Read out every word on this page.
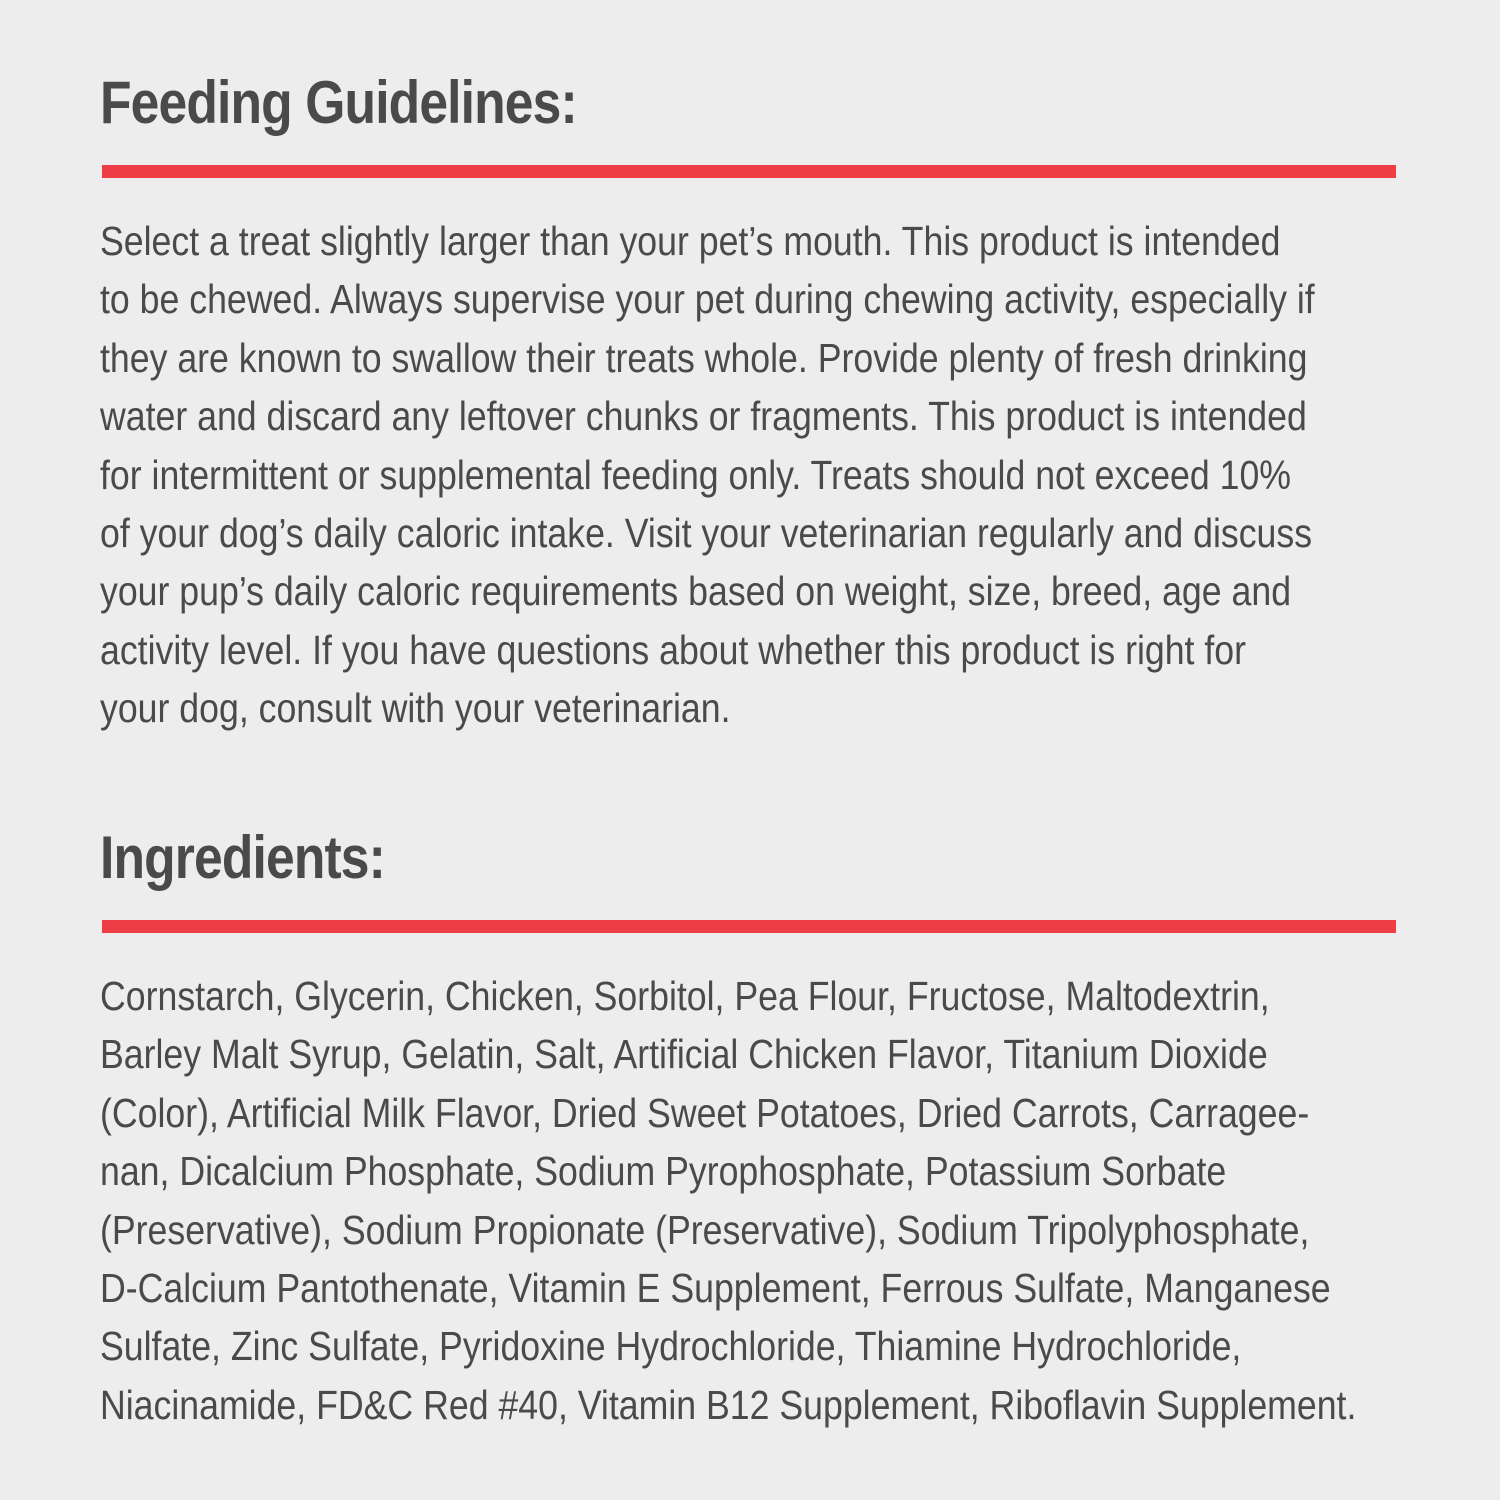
Feeding Guidelines:
Select a treat slightly larger than your pet’s mouth. This product is intended
to be chewed. Always supervise your pet during chewing activity, especially if
they are known to swallow their treats whole. Provide plenty of fresh drinking
water and discard any leftover chunks or fragments. This product is intended
for intermittent or supplemental feeding only. Treats should not exceed 10%
of your dog’s daily caloric intake. Visit your veterinarian regularly and discuss
your pup’s daily caloric requirements based on weight, size, breed, age and
activity level. If you have questions about whether this product is right for
your dog, consult with your veterinarian.
Ingredients:
Cornstarch, Glycerin, Chicken, Sorbitol, Pea Flour, Fructose, Maltodextrin,
Barley Malt Syrup, Gelatin, Salt, Artificial Chicken Flavor, Titanium Dioxide
(Color), Artificial Milk Flavor, Dried Sweet Potatoes, Dried Carrots, Carragee-
nan, Dicalcium Phosphate, Sodium Pyrophosphate, Potassium Sorbate
(Preservative), Sodium Propionate (Preservative), Sodium Tripolyphosphate,
D-Calcium Pantothenate, Vitamin E Supplement, Ferrous Sulfate, Manganese
Sulfate, Zinc Sulfate, Pyridoxine Hydrochloride, Thiamine Hydrochloride,
Niacinamide, FD&C Red #40, Vitamin B12 Supplement, Riboflavin Supplement.
